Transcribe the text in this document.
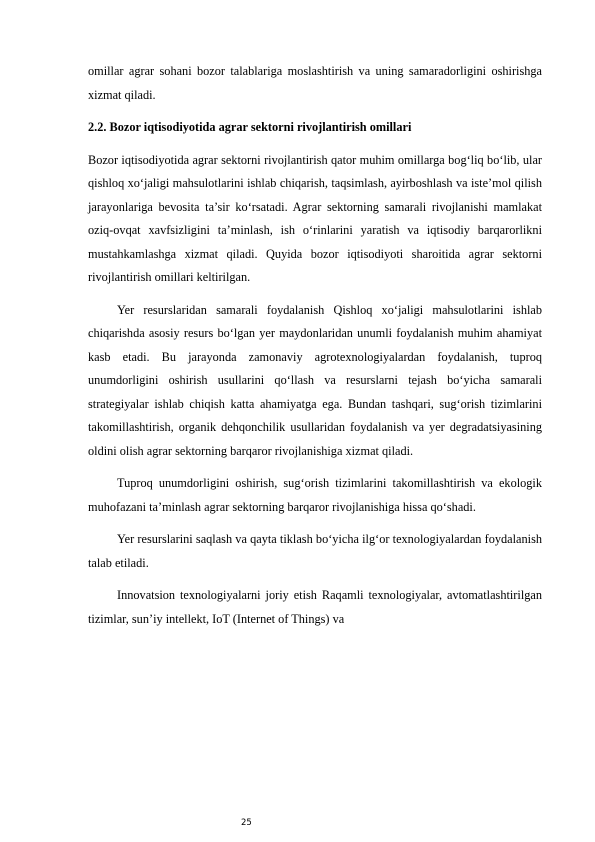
omillar agrar sohani bozor talablariga moslashtirish va uning samaradorligini oshirishga xizmat qiladi.

2.2. Bozor iqtisodiyotida agrar sektorni rivojlantirish omillari

Bozor iqtisodiyotida agrar sektorni rivojlantirish qator muhim omillarga bog‘liq bo‘lib, ular qishloq xo‘jaligi mahsulotlarini ishlab chiqarish, taqsimlash, ayirboshlash va iste’mol qilish jarayonlariga bevosita ta’sir ko‘rsatadi. Agrar sektorning samarali rivojlanishi mamlakat oziq-ovqat xavfsizligini ta’minlash, ish o‘rinlarini yaratish va iqtisodiy barqarorlikni mustahkamlashga xizmat qiladi. Quyida bozor iqtisodiyoti sharoitida agrar sektorni rivojlantirish omillari keltirilgan.

Yer resurslaridan samarali foydalanish Qishloq xo‘jaligi mahsulotlarini ishlab chiqarishda asosiy resurs bo‘lgan yer maydonlaridan unumli foydalanish muhim ahamiyat kasb etadi. Bu jarayonda zamonaviy agrotexnologiyalardan foydalanish, tuproq unumdorligini oshirish usullarini qo‘llash va resurslarni tejash bo‘yicha samarali strategiyalar ishlab chiqish katta ahamiyatga ega. Bundan tashqari, sug‘orish tizimlarini takomillashtirish, organik dehqonchilik usullaridan foydalanish va yer degradatsiyasining oldini olish agrar sektorning barqaror rivojlanishiga xizmat qiladi.

Tuproq unumdorligini oshirish, sug‘orish tizimlarini takomillashtirish va ekologik muhofazani ta’minlash agrar sektorning barqaror rivojlanishiga hissa qo‘shadi.

Yer resurslarini saqlash va qayta tiklash bo‘yicha ilg‘or texnologiyalardan foydalanish talab etiladi.

Innovatsion texnologiyalarni joriy etish Raqamli texnologiyalar, avtomatlashtirilgan tizimlar, sun’iy intellekt, IoT (Internet of Things) va

25
